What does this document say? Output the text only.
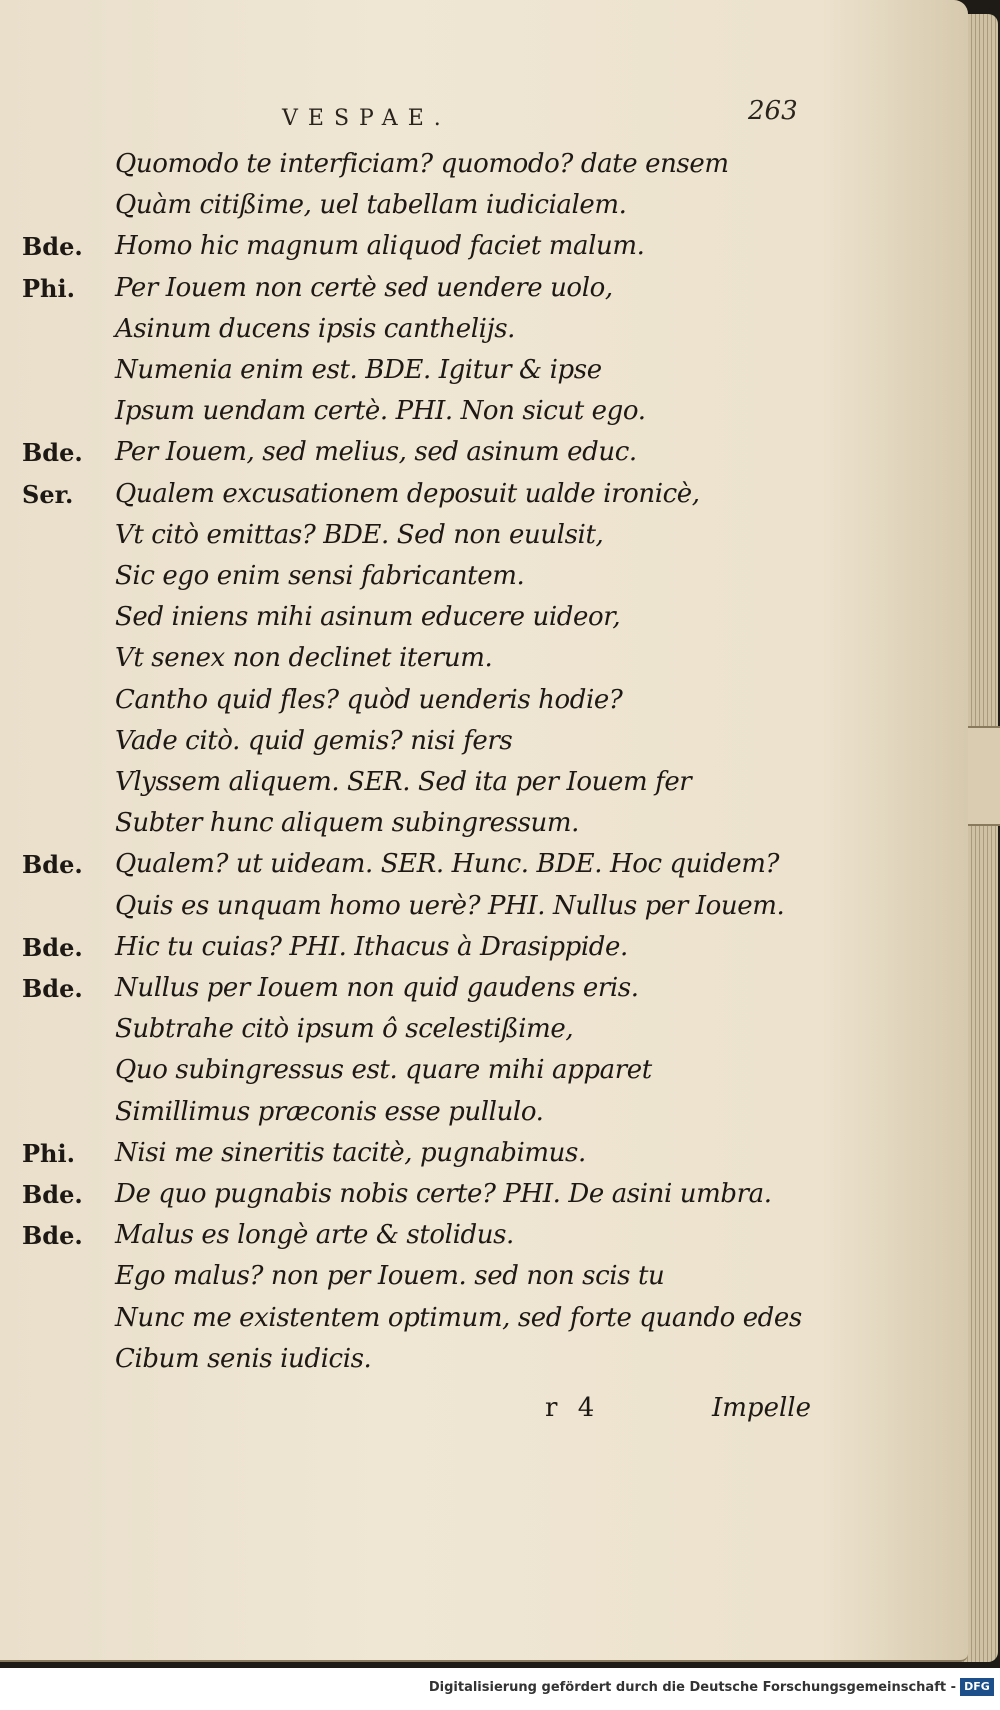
VESPAE.	263
Quomodo te interficiam? quomodo? date ensem
Quàm citißime, uel tabellam iudicialem.
Bde. Homo hic magnum aliquod faciet malum.
Phi. Per Iouem non certè sed uendere uolo,
Asinum ducens ipsis canthelijs.
Numenia enim est. BDE. Igitur & ipse
Ipsum uendam certè. PHI. Non sicut ego.
Bde. Per Iouem, sed melius, sed asinum educ.
Ser. Qualem excusationem deposuit ualde ironicè,
Vt citò emittas? BDE. Sed non euulsit,
Sic ego enim sensi fabricantem.
Sed iniens mihi asinum educere uideor,
Vt senex non declinet iterum.
Cantho quid fles? quòd uenderis hodie?
Vade citò. quid gemis? nisi fers
Vlyssem aliquem. SER. Sed ita per Iouem fer
Subter hunc aliquem subingressum.
Bde. Qualem? ut uideam. SER. Hunc. BDE. Hoc quidem?
Quis es unquam homo uerè? PHI. Nullus per Iouem.
Bde. Hic tu cuias? PHI. Ithacus à Drasippide.
Bde. Nullus per Iouem non quid gaudens eris.
Subtrahe citò ipsum ô scelestißime,
Quo subingressus est. quare mihi apparet
Simillimus præconis esse pullulo.
Phi. Nisi me sineritis tacitè, pugnabimus.
Bde. De quo pugnabis nobis certe? PHI. De asini umbra.
Bde. Malus es longè arte & stolidus.
Ego malus? non per Iouem. sed non scis tu
Nunc me existentem optimum, sed forte quando edes
Cibum senis iudicis.
r 4	Impelle
Digitalisierung gefördert durch die Deutsche Forschungsgemeinschaft - DFG
